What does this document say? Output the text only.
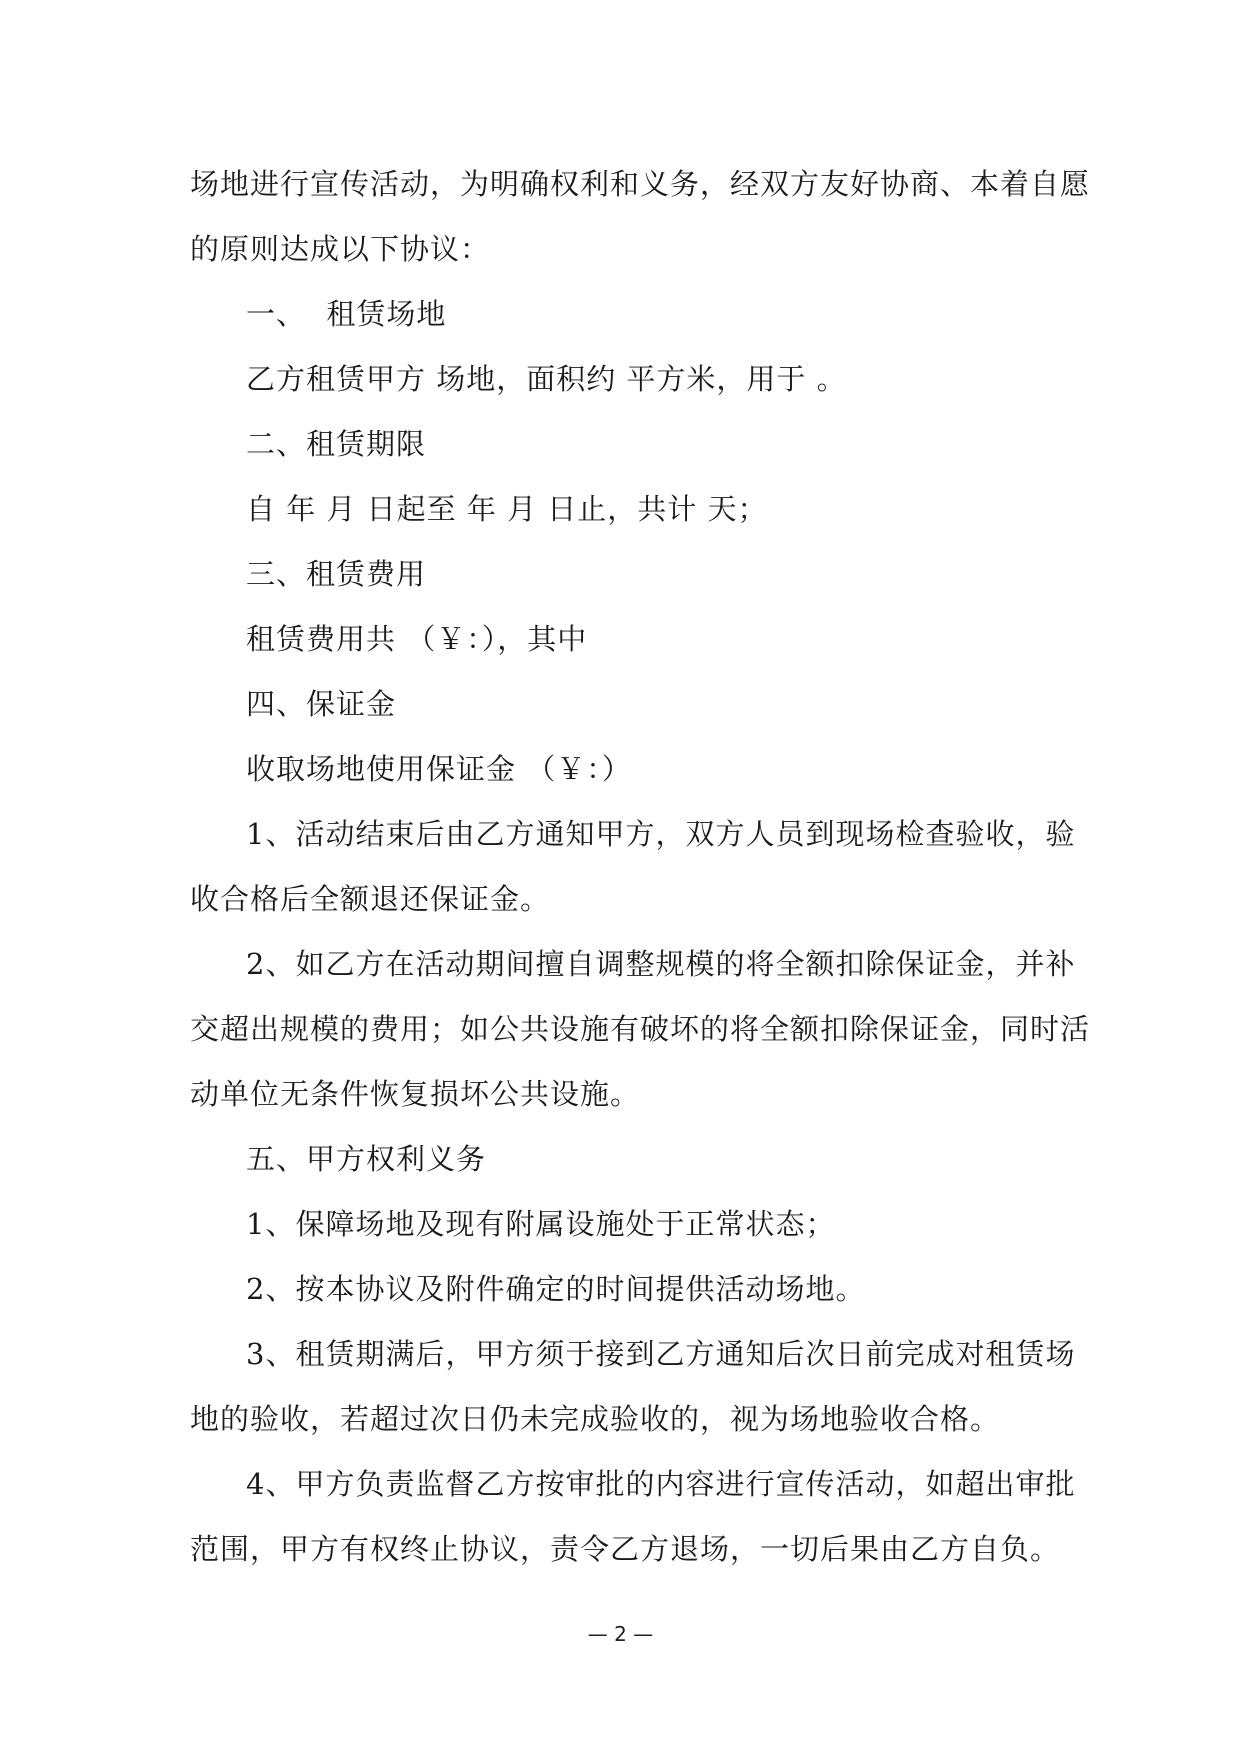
场地进行宣传活动，为明确权利和义务，经双方友好协商、本着自愿
的原则达成以下协议：
一、  租赁场地
乙方租赁甲方 场地，面积约 平方米，用于 。
二、租赁期限
自 年 月 日起至 年 月 日止，共计 天；
三、租赁费用
租赁费用共 （￥：），其中
四、保证金
收取场地使用保证金 （￥：）
1、活动结束后由乙方通知甲方，双方人员到现场检查验收，验
收合格后全额退还保证金。
2、如乙方在活动期间擅自调整规模的将全额扣除保证金，并补
交超出规模的费用；如公共设施有破坏的将全额扣除保证金，同时活
动单位无条件恢复损坏公共设施。
五、甲方权利义务
1、保障场地及现有附属设施处于正常状态；
2、按本协议及附件确定的时间提供活动场地。
3、租赁期满后，甲方须于接到乙方通知后次日前完成对租赁场
地的验收，若超过次日仍未完成验收的，视为场地验收合格。
4、甲方负责监督乙方按审批的内容进行宣传活动，如超出审批
范围，甲方有权终止协议，责令乙方退场，一切后果由乙方自负。
— 2 —
